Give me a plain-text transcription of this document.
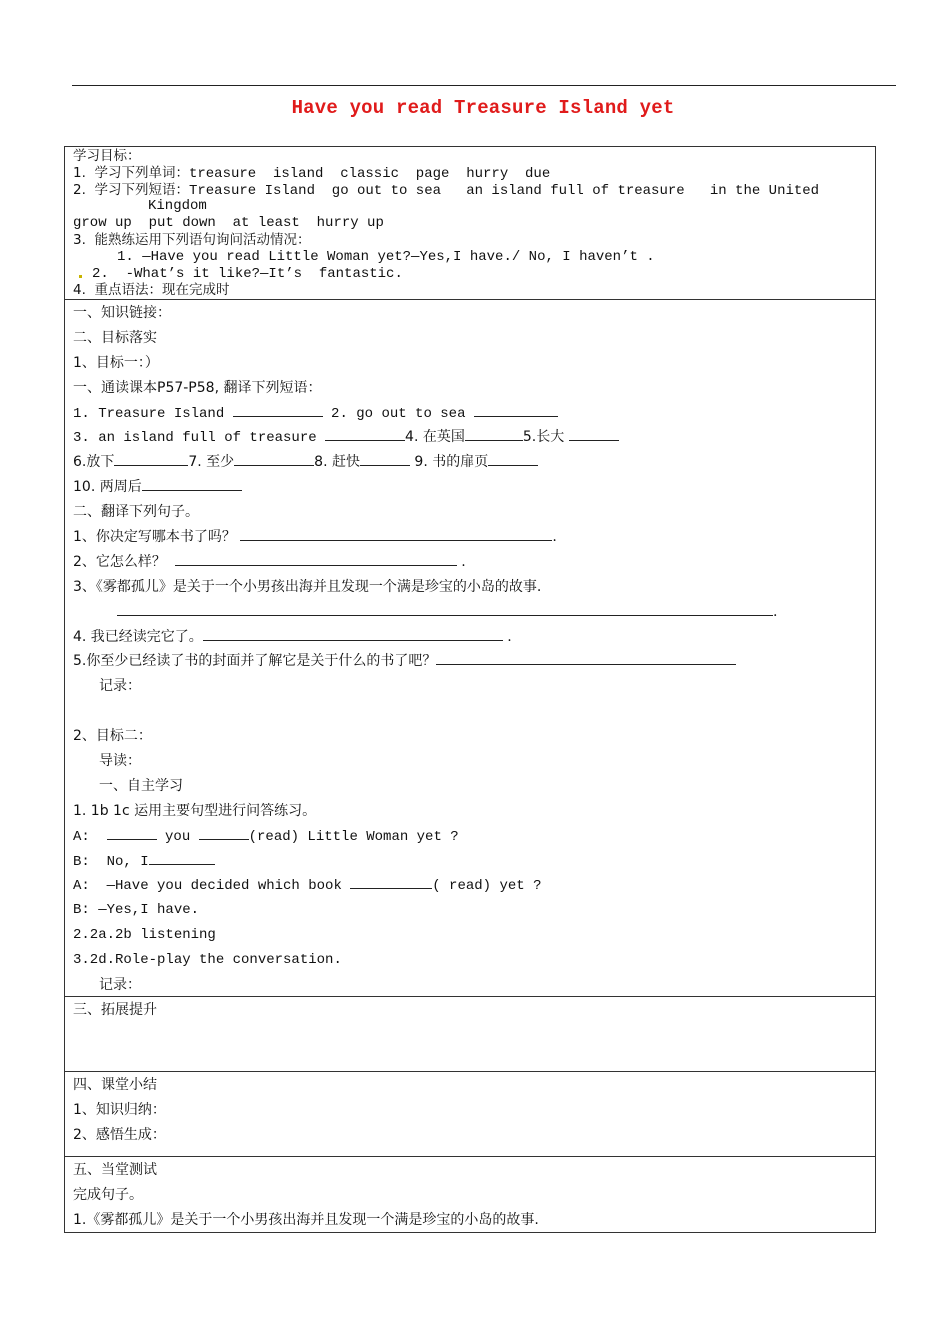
Have you read Treasure Island yet
学习目标：
1.  学习下列单词：treasure  island  classic  page  hurry  due
2.  学习下列短语：Treasure Island  go out to sea   an island full of treasure   in the United
Kingdom
grow up  put down  at least  hurry up
3.  能熟练运用下列语句询问活动情况：
1. —Have you read Little Woman yet?—Yes,I have./ No, I haven’t .
2.  -What’s it like?—It’s  fantastic.
4.  重点语法：现在完成时
一、知识链接：
二、目标落实
1、目标一：）
一、通读课本P57-P58, 翻译下列短语：
1. Treasure Island	2. go out to sea
3. an island full of treasure	4. 在英国	5.长大
6.放下	7. 至少	8. 赶快	9. 书的扉页
10. 两周后
二、翻译下列句子。
1、你决定写哪本书了吗？	.
2、它怎么样？	.
3、《雾都孤儿》是关于一个小男孩出海并且发现一个满是珍宝的小岛的故事.
.
4. 我已经读完它了。	.
5.你至少已经读了书的封面并了解它是关于什么的书了吧？
记录：
2、目标二：
导读：
一、自主学习
1. 1b 1c 运用主要句型进行问答练习。
A:	you	(read) Little Woman yet ?
B:  No, I
A:  —Have you decided which book	( read) yet ?
B: —Yes,I have.
2.2a.2b listening
3.2d.Role-play the conversation.
记录：
三、拓展提升
四、课堂小结
1、知识归纳：
2、感悟生成：
五、当堂测试
完成句子。
1.《雾都孤儿》是关于一个小男孩出海并且发现一个满是珍宝的小岛的故事.
